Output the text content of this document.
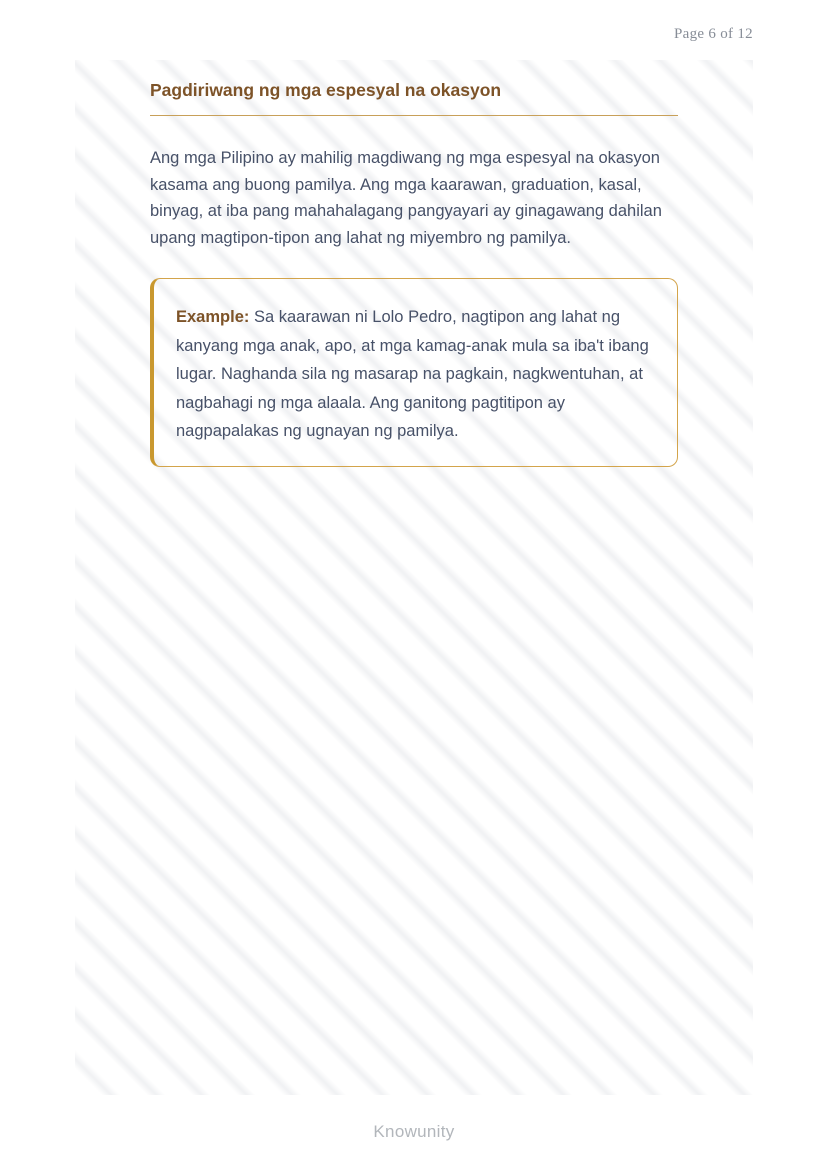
Page 6 of 12
Pagdiriwang ng mga espesyal na okasyon

Ang mga Pilipino ay mahilig magdiwang ng mga espesyal na okasyon kasama ang buong pamilya. Ang mga kaarawan, graduation, kasal, binyag, at iba pang mahahalagang pangyayari ay ginagawang dahilan upang magtipon-tipon ang lahat ng miyembro ng pamilya.

Example: Sa kaarawan ni Lolo Pedro, nagtipon ang lahat ng kanyang mga anak, apo, at mga kamag-anak mula sa iba't ibang lugar. Naghanda sila ng masarap na pagkain, nagkwentuhan, at nagbahagi ng mga alaala. Ang ganitong pagtitipon ay nagpapalakas ng ugnayan ng pamilya.

Knowunity
